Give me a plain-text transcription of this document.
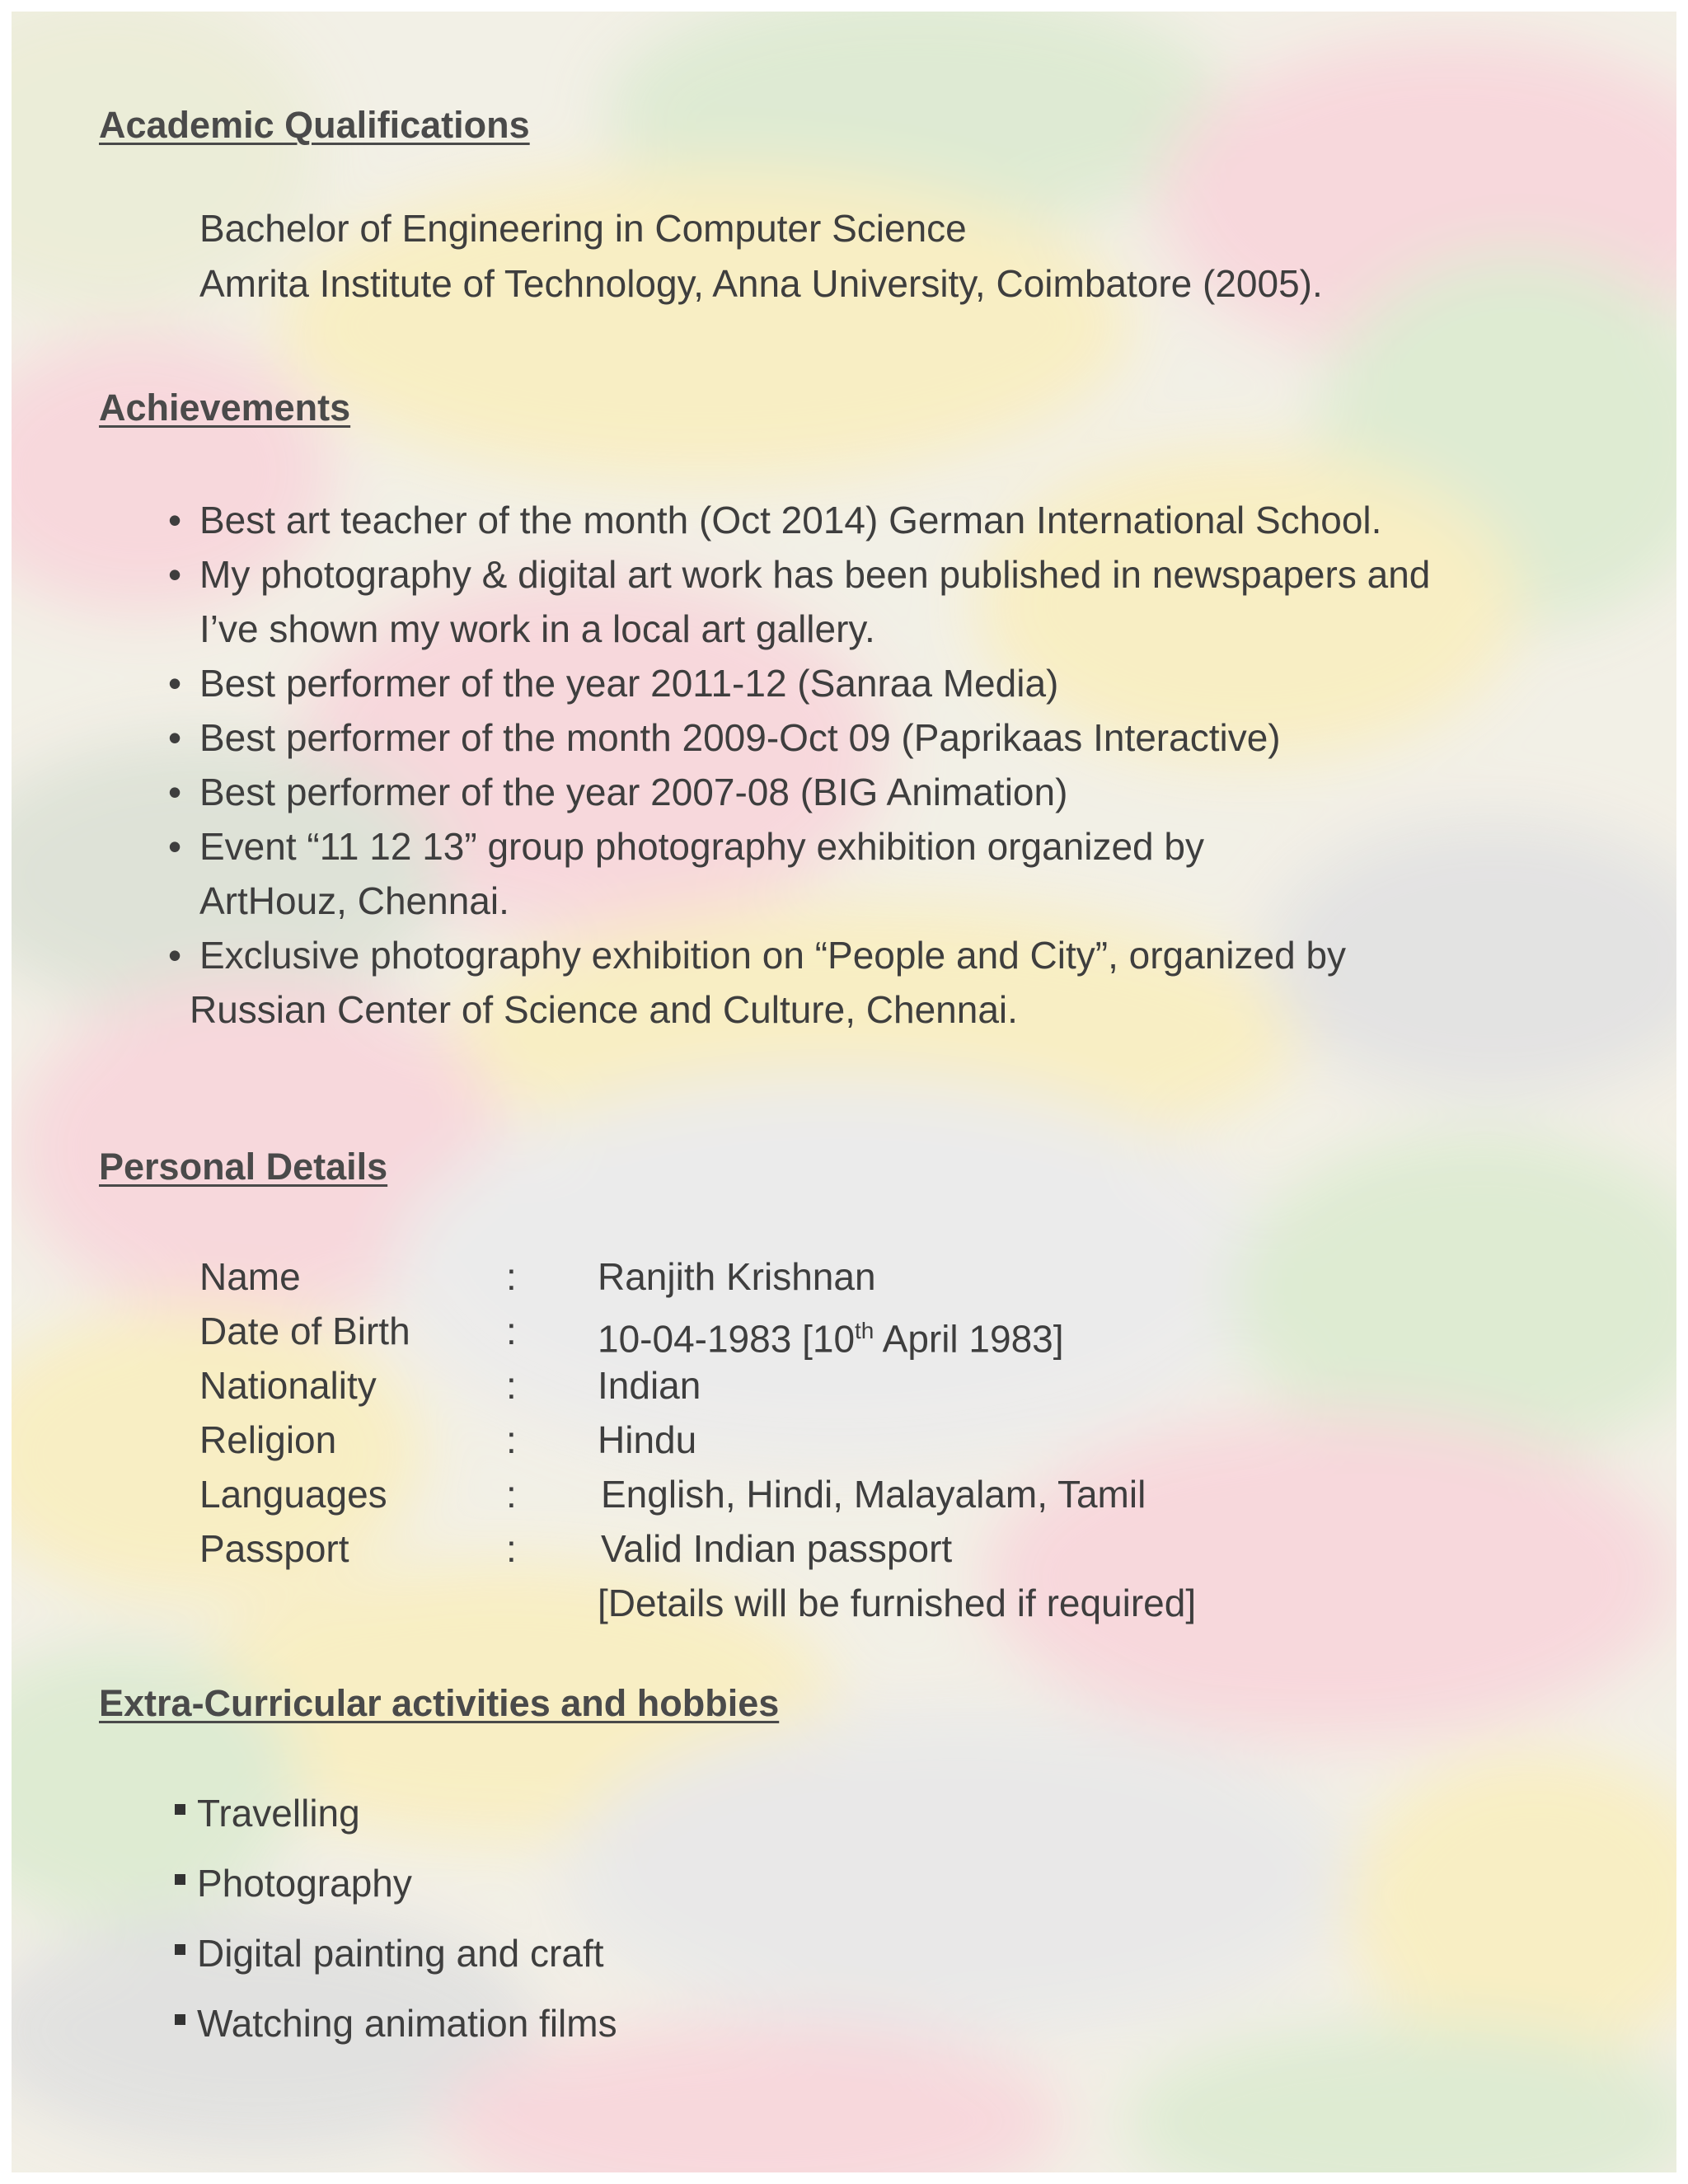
Academic Qualifications
Bachelor of Engineering in Computer Science
Amrita Institute of Technology, Anna University, Coimbatore (2005).
Achievements
• Best art teacher of the month (Oct 2014) German International School.
• My photography & digital art work has been published in newspapers and
I’ve shown my work in a local art gallery.
• Best performer of the year 2011-12 (Sanraa Media)
• Best performer of the month 2009-Oct 09 (Paprikaas Interactive)
• Best performer of the year 2007-08 (BIG Animation)
• Event “11 12 13” group photography exhibition organized by
ArtHouz, Chennai.
• Exclusive photography exhibition on “People and City”, organized by
Russian Center of Science and Culture, Chennai.
Personal Details
Name	: Ranjith Krishnan
Date of Birth	: 10-04-1983 [10th April 1983]
Nationality	: Indian
Religion	: Hindu
Languages	: English, Hindi, Malayalam, Tamil
Passport	: Valid Indian passport
[Details will be furnished if required]
Extra-Curricular activities and hobbies
Travelling
Photography
Digital painting and craft
Watching animation films
